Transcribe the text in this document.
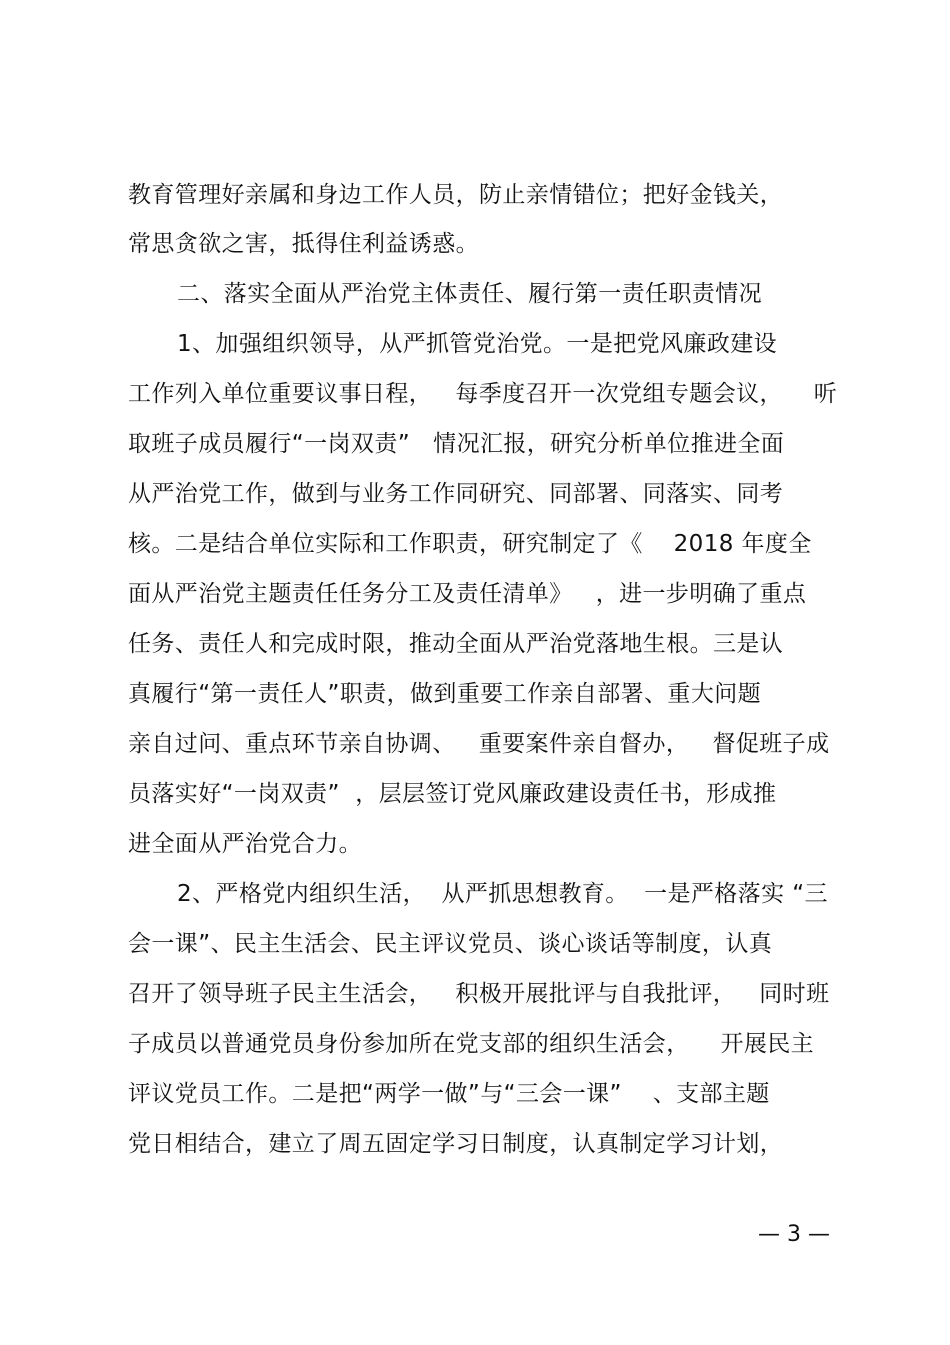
教育管理好亲属和身边工作人员，防止亲情错位；把好金钱关，
常思贪欲之害，抵得住利益诱惑。
二、落实全面从严治党主体责任、履行第一责任职责情况
1、加强组织领导，从严抓管党治党。一是把党风廉政建设
工作列入单位重要议事日程，   每季度召开一次党组专题会议，    听
取班子成员履行“一岗双责”   情况汇报，研究分析单位推进全面
从严治党工作，做到与业务工作同研究、同部署、同落实、同考
核。二是结合单位实际和工作职责，研究制定了《    2018 年度全
面从严治党主题责任任务分工及责任清单》   ，进一步明确了重点
任务、责任人和完成时限，推动全面从严治党落地生根。三是认
真履行“第一责任人”职责，做到重要工作亲自部署、重大问题
亲自过问、重点环节亲自协调、   重要案件亲自督办，   督促班子成
员落实好“一岗双责”  ，层层签订党风廉政建设责任书，形成推
进全面从严治党合力。
2、严格党内组织生活，  从严抓思想教育。  一是严格落实 “三
会一课”、民主生活会、民主评议党员、谈心谈话等制度，认真
召开了领导班子民主生活会，   积极开展批评与自我批评，   同时班
子成员以普通党员身份参加所在党支部的组织生活会，    开展民主
评议党员工作。二是把“两学一做”与“三会一课”    、支部主题
党日相结合，建立了周五固定学习日制度，认真制定学习计划，
— 3 —
